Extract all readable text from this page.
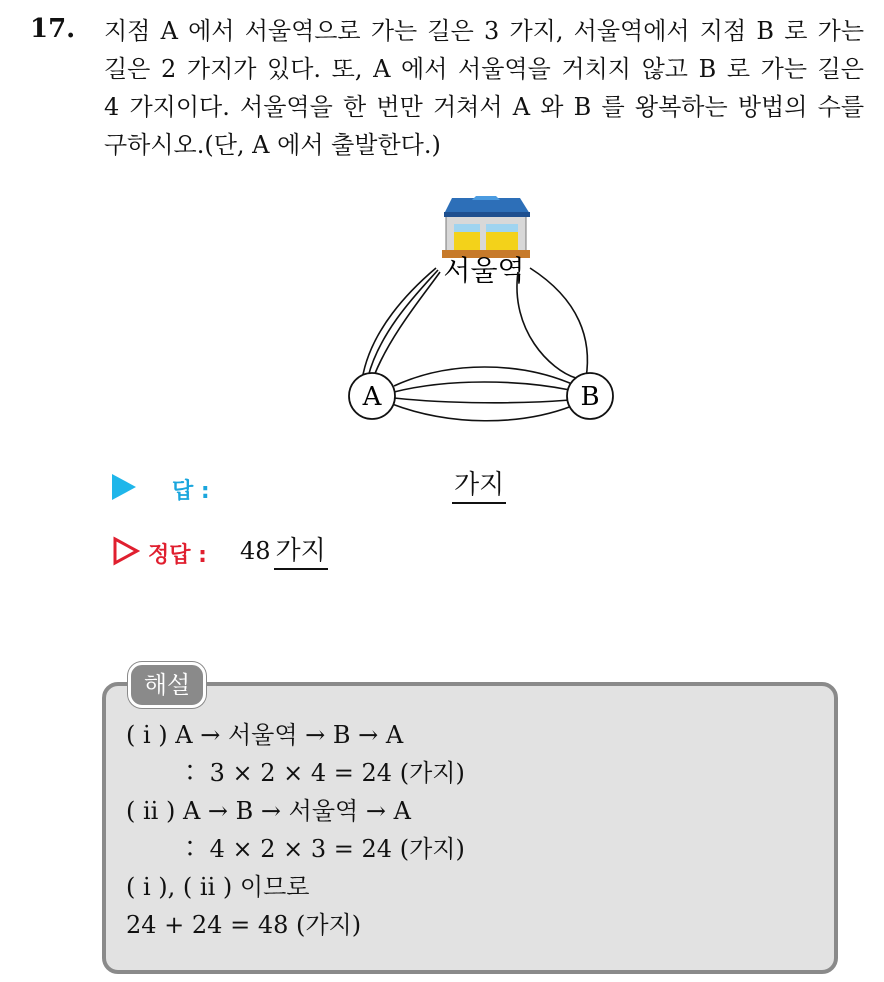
17. 지점 A 에서 서울역으로 가는 길은 3 가지, 서울역에서 지점 B 로 가는
길은 2 가지가 있다. 또, A 에서 서울역을 거치지 않고 B 로 가는 길은
4 가지이다. 서울역을 한 번만 거쳐서 A 와 B 를 왕복하는 방법의 수를
구하시오.(단, A 에서 출발한다.)
서울역
A	B
답 :	가지
정답 : 48 가지
해설
( i ) A → 서울역 → B → A
∶ 3 × 2 × 4 = 24 (가지)
( ii ) A → B → 서울역 → A
∶ 4 × 2 × 3 = 24 (가지)
( i ), ( ii ) 이므로
24 + 24 = 48 (가지)
